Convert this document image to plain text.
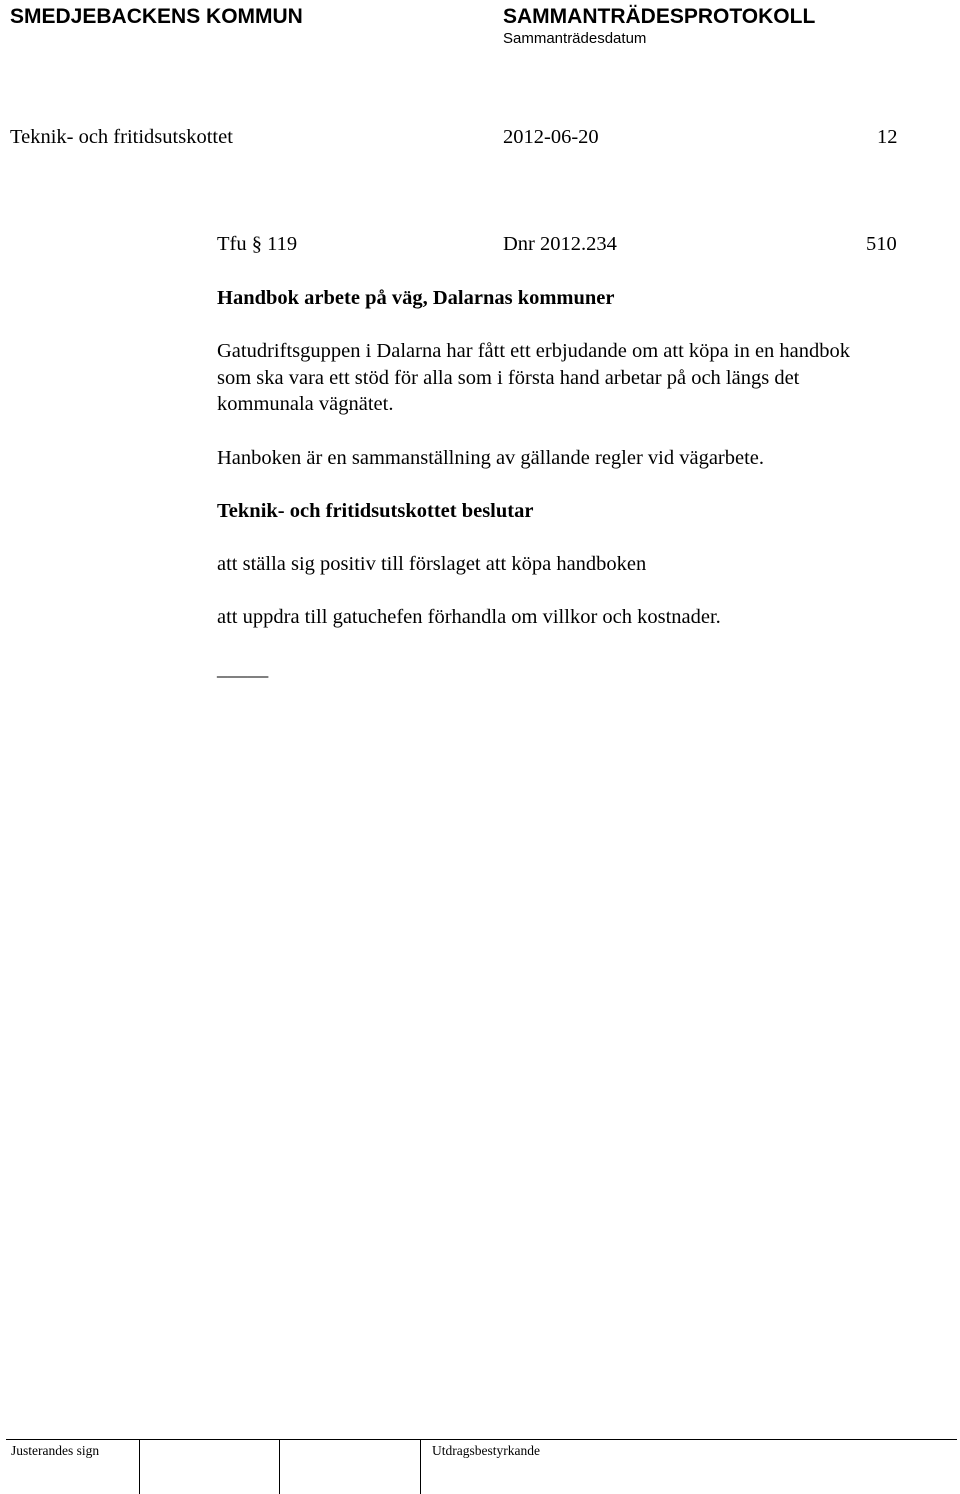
SMEDJEBACKENS KOMMUN	SAMMANTRÄDESPROTOKOLL
Sammanträdesdatum
Teknik- och fritidsutskottet	2012-06-20	12
Tfu § 119	Dnr 2012.234	510
Handbok arbete på väg, Dalarnas kommuner

Gatudriftsguppen i Dalarna har fått ett erbjudande om att köpa in en handbok

som ska vara ett stöd för alla som i första hand arbetar på och längs det

kommunala vägnätet.

Hanboken är en sammanställning av gällande regler vid vägarbete.
Teknik- och fritidsutskottet beslutar
att ställa sig positiv till förslaget att köpa handboken
att uppdra till gatuchefen förhandla om villkor och kostnader.
_____
Justerandes sign	Utdragsbestyrkande
